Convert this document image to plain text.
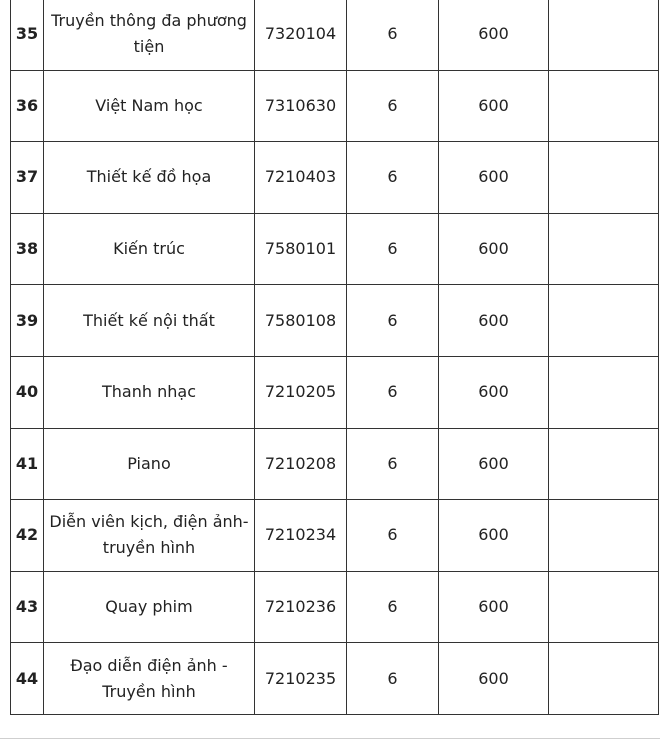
35	Truyền thông đa phương tiện	7320104	6	600	
36	Việt Nam học	7310630	6	600	
37	Thiết kế đồ họa	7210403	6	600	
38	Kiến trúc	7580101	6	600	
39	Thiết kế nội thất	7580108	6	600	
40	Thanh nhạc	7210205	6	600	
41	Piano	7210208	6	600	
42	Diễn viên kịch, điện ảnh- truyền hình	7210234	6	600	
43	Quay phim	7210236	6	600	
44	Đạo diễn điện ảnh - Truyền hình	7210235	6	600	
